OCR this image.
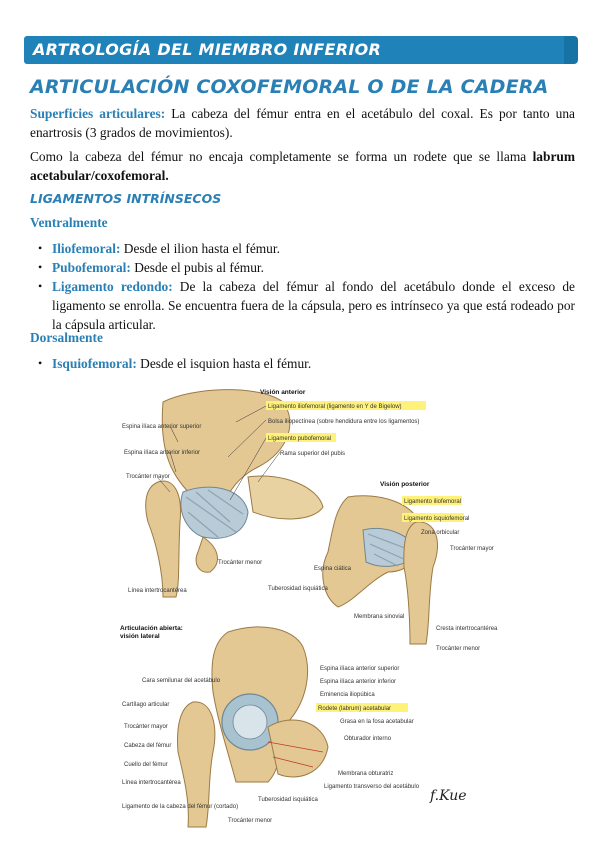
ARTROLOGÍA DEL MIEMBRO INFERIOR
ARTICULACIÓN COXOFEMORAL O DE LA CADERA

Superficies articulares: La cabeza del fémur entra en el acetábulo del coxal. Es por tanto una enartrosis (3 grados de movimientos).

Como la cabeza del fémur no encaja completamente se forma un rodete que se llama labrum acetabular/coxofemoral.

LIGAMENTOS INTRÍNSECOS
Ventralmente
• Iliofemoral: Desde el ilion hasta el fémur.
• Pubofemoral: Desde el pubis al fémur.
• Ligamento redondo: De la cabeza del fémur al fondo del acetábulo donde el exceso de ligamento se enrolla. Se encuentra fuera de la cápsula, pero es intrínseco ya que está rodeado por la cápsula articular.
Dorsalmente
• Isquiofemoral: Desde el isquion hasta el fémur.
Visión anterior
Ligamento iliofemoral (ligamento en Y de Bigelow)
Bolsa iliopectínea (sobre hendidura entre los ligamentos)
Ligamento pubofemoral
Rama superior del pubis
Espina ilíaca anterior superior
Espina ilíaca anterior inferior
Trocánter mayor
Trocánter menor
Línea intertrocantérea
Visión posterior
Ligamento iliofemoral
Ligamento isquiofemoral
Zona orbicular
Trocánter mayor
Espina ciática
Tuberosidad isquiática
Membrana sinovial
Cresta intertrocantérea
Trocánter menor
Articulación abierta:
visión lateral
Espina ilíaca anterior superior
Espina ilíaca anterior inferior
Eminencia iliopúbica
Rodete (labrum) acetabular
Grasa en la fosa acetabular
Cara semilunar del acetábulo
Cartílago articular
Trocánter mayor
Cabeza del fémur
Cuello del fémur
Línea intertrocantérea
Ligamento de la cabeza del fémur (cortado)
Obturador interno
Membrana obturatriz
Ligamento transverso del acetábulo
Tuberosidad isquiática
Trocánter menor
f.Kue
